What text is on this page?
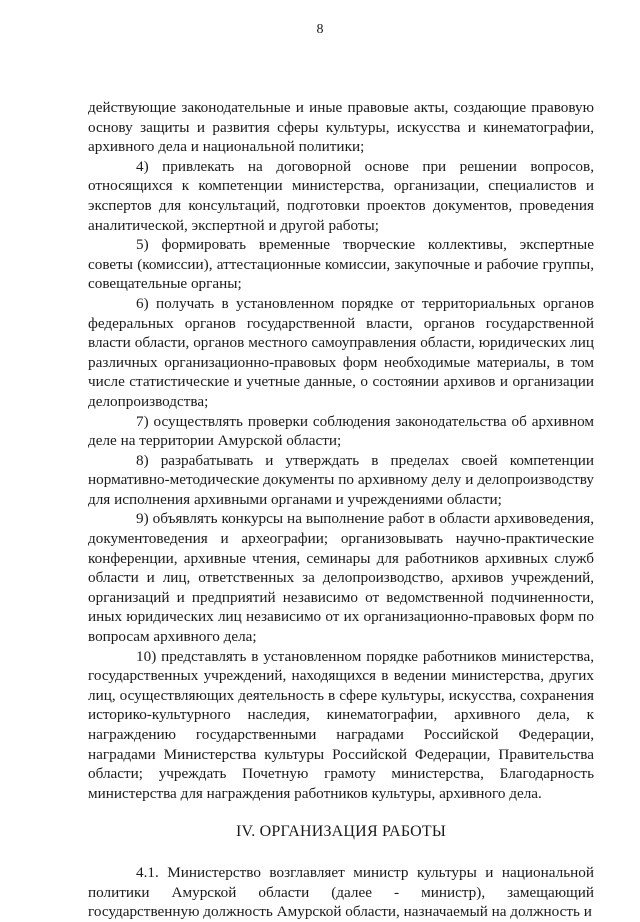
8

действующие законодательные и иные правовые акты, создающие правовую основу защиты и развития сферы культуры, искусства и кинематографии, архивного дела и национальной политики;

4) привлекать на договорной основе при решении вопросов, относящихся к компетенции министерства, организации, специалистов и экспертов для консультаций, подготовки проектов документов, проведения аналитической, экспертной и другой работы;

5) формировать временные творческие коллективы, экспертные советы (комиссии), аттестационные комиссии, закупочные и рабочие группы, совещательные органы;

6) получать в установленном порядке от территориальных органов федеральных органов государственной власти, органов государственной власти области, органов местного самоуправления области, юридических лиц различных организационно-правовых форм необходимые материалы, в том числе статистические и учетные данные, о состоянии архивов и организации делопроизводства;

7) осуществлять проверки соблюдения законодательства об архивном деле на территории Амурской области;

8) разрабатывать и утверждать в пределах своей компетенции нормативно-методические документы по архивному делу и делопроизводству для исполнения архивными органами и учреждениями области;

9) объявлять конкурсы на выполнение работ в области архивоведения, документоведения и археографии; организовывать научно-практические конференции, архивные чтения, семинары для работников архивных служб области и лиц, ответственных за делопроизводство, архивов учреждений, организаций и предприятий независимо от ведомственной подчиненности, иных юридических лиц независимо от их организационно-правовых форм по вопросам архивного дела;

10) представлять в установленном порядке работников министерства, государственных учреждений, находящихся в ведении министерства, других лиц, осуществляющих деятельность в сфере культуры, искусства, сохранения историко-культурного наследия, кинематографии, архивного дела, к награждению государственными наградами Российской Федерации, наградами Министерства культуры Российской Федерации, Правительства области; учреждать Почетную грамоту министерства, Благодарность министерства для награждения работников культуры, архивного дела.

IV. ОРГАНИЗАЦИЯ РАБОТЫ

4.1. Министерство возглавляет министр культуры и национальной политики Амурской области (далее - министр), замещающий государственную должность Амурской области, назначаемый на должность и
